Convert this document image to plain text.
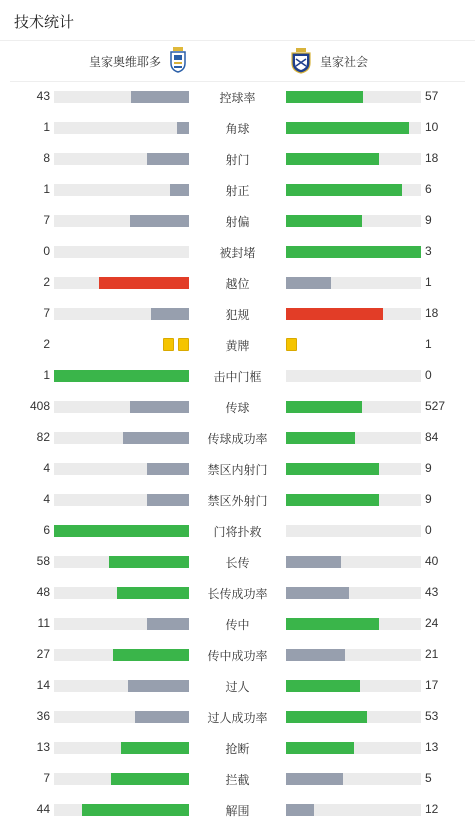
技术统计
皇家奥维耶多	皇家社会
43	控球率	57
1	角球	10
8	射门	18
1	射正	6
7	射偏	9
0	被封堵	3
2	越位	1
7	犯规	18
2	黄牌	1
1	击中门框	0
408	传球	527
82	传球成功率	84
4	禁区内射门	9
4	禁区外射门	9
6	门将扑救	0
58	长传	40
48	长传成功率	43
11	传中	24
27	传中成功率	21
14	过人	17
36	过人成功率	53
13	抢断	13
7	拦截	5
44	解围	12
